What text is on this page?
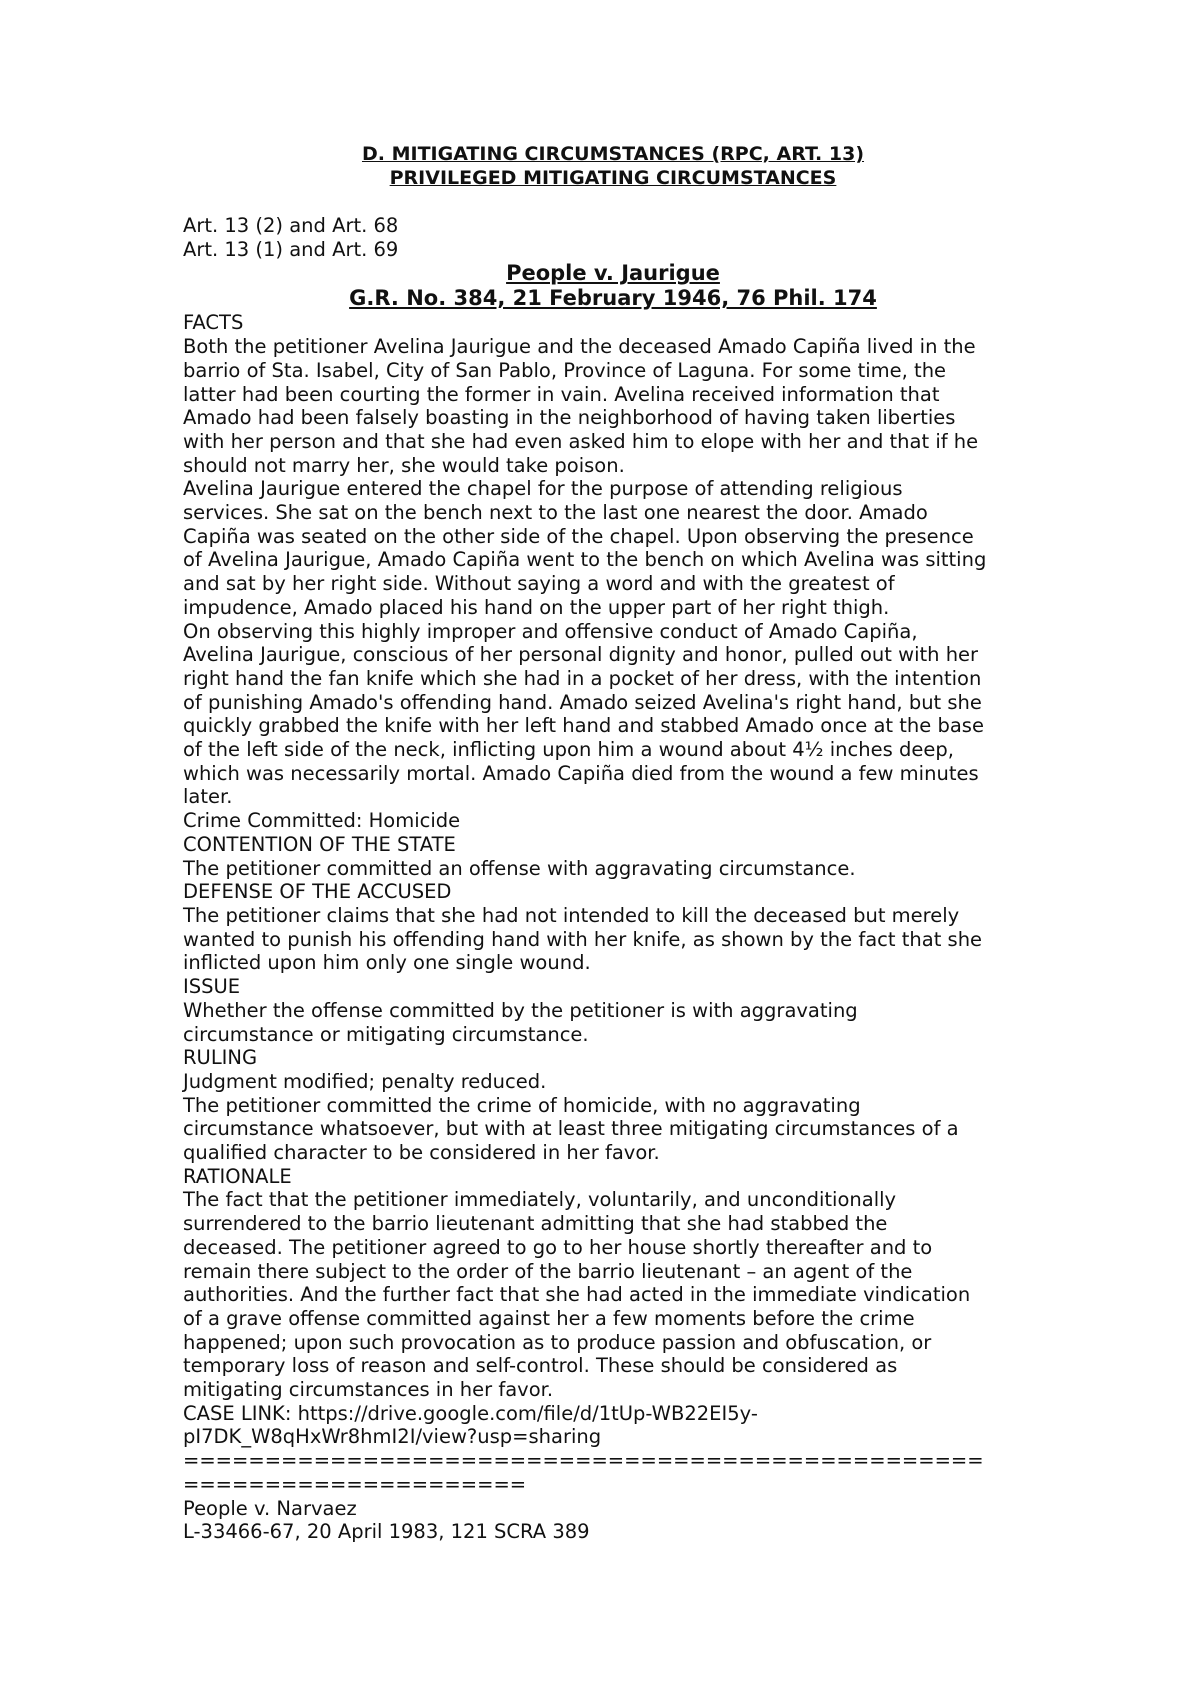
D. MITIGATING CIRCUMSTANCES (RPC, ART. 13)
PRIVILEGED MITIGATING CIRCUMSTANCES
Art. 13 (2) and Art. 68
Art. 13 (1) and Art. 69
People v. Jaurigue
G.R. No. 384, 21 February 1946, 76 Phil. 174
FACTS
Both the petitioner Avelina Jaurigue and the deceased Amado Capiña lived in the
barrio of Sta. Isabel, City of San Pablo, Province of Laguna. For some time, the
latter had been courting the former in vain. Avelina received information that
Amado had been falsely boasting in the neighborhood of having taken liberties
with her person and that she had even asked him to elope with her and that if he
should not marry her, she would take poison.
Avelina Jaurigue entered the chapel for the purpose of attending religious
services. She sat on the bench next to the last one nearest the door. Amado
Capiña was seated on the other side of the chapel. Upon observing the presence
of Avelina Jaurigue, Amado Capiña went to the bench on which Avelina was sitting
and sat by her right side. Without saying a word and with the greatest of
impudence, Amado placed his hand on the upper part of her right thigh.
On observing this highly improper and offensive conduct of Amado Capiña,
Avelina Jaurigue, conscious of her personal dignity and honor, pulled out with her
right hand the fan knife which she had in a pocket of her dress, with the intention
of punishing Amado's offending hand. Amado seized Avelina's right hand, but she
quickly grabbed the knife with her left hand and stabbed Amado once at the base
of the left side of the neck, inflicting upon him a wound about 4½ inches deep,
which was necessarily mortal. Amado Capiña died from the wound a few minutes
later.
Crime Committed: Homicide
CONTENTION OF THE STATE
The petitioner committed an offense with aggravating circumstance.
DEFENSE OF THE ACCUSED
The petitioner claims that she had not intended to kill the deceased but merely
wanted to punish his offending hand with her knife, as shown by the fact that she
inflicted upon him only one single wound.
ISSUE
Whether the offense committed by the petitioner is with aggravating
circumstance or mitigating circumstance.
RULING
Judgment modified; penalty reduced.
The petitioner committed the crime of homicide, with no aggravating
circumstance whatsoever, but with at least three mitigating circumstances of a
qualified character to be considered in her favor.
RATIONALE
The fact that the petitioner immediately, voluntarily, and unconditionally
surrendered to the barrio lieutenant admitting that she had stabbed the
deceased. The petitioner agreed to go to her house shortly thereafter and to
remain there subject to the order of the barrio lieutenant – an agent of the
authorities. And the further fact that she had acted in the immediate vindication
of a grave offense committed against her a few moments before the crime
happened; upon such provocation as to produce passion and obfuscation, or
temporary loss of reason and self-control. These should be considered as
mitigating circumstances in her favor.
CASE LINK: https://drive.google.com/file/d/1tUp-WB22EI5y-
pI7DK_W8qHxWr8hmI2I/view?usp=sharing
=================================================
=====================
People v. Narvaez
L-33466-67, 20 April 1983, 121 SCRA 389
